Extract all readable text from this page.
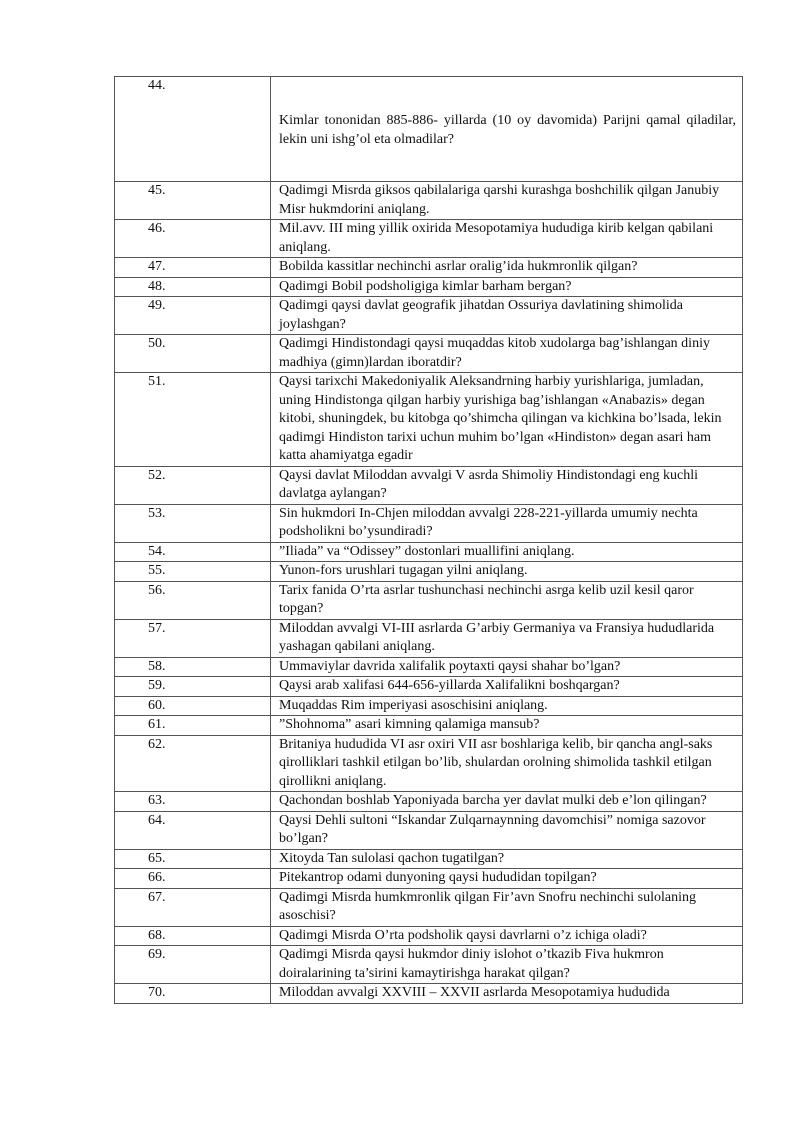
44.	Kimlar tononidan 885-886- yillarda (10 oy davomida) Parijni qamal qiladilar, lekin uni ishg’ol eta olmadilar?

45.	Qadimgi Misrda giksos qabilalariga qarshi kurashga boshchilik qilgan Janubiy Misr hukmdorini aniqlang.
46.	Mil.avv. III ming yillik oxirida Mesopotamiya hududiga kirib kelgan qabilani aniqlang.
47.	Bobilda kassitlar nechinchi asrlar oralig’ida hukmronlik qilgan?
48.	Qadimgi Bobil podsholigiga kimlar barham bergan?
49.	Qadimgi qaysi davlat geografik jihatdan Ossuriya davlatining shimolida joylashgan?
50.	Qadimgi Hindistondagi qaysi muqaddas kitob xudolarga bag’ishlangan diniy madhiya (gimn)lardan iboratdir?
51.	Qaysi tarixchi Makedoniyalik Aleksandrning harbiy yurishlariga, jumladan, uning Hindistonga qilgan harbiy yurishiga bag’ishlangan «Anabazis» degan kitobi, shuningdek, bu kitobga qo’shimcha qilingan va kichkina bo’lsada, lekin qadimgi Hindiston tarixi uchun muhim bo’lgan «Hindiston» degan asari ham katta ahamiyatga egadir
52.	Qaysi davlat Miloddan avvalgi V asrda Shimoliy Hindistondagi eng kuchli davlatga aylangan?
53.	Sin hukmdori In-Chjen miloddan avvalgi 228-221-yillarda umumiy nechta podsholikni bo’ysundiradi?
54.	”Iliada” va “Odissey” dostonlari muallifini aniqlang.
55.	Yunon-fors urushlari tugagan yilni aniqlang.
56.	Tarix fanida O’rta asrlar tushunchasi nechinchi asrga kelib uzil kesil qaror topgan?
57.	Miloddan avvalgi VI-III asrlarda G’arbiy Germaniya va Fransiya hududlarida yashagan qabilani aniqlang.
58.	Ummaviylar davrida xalifalik poytaxti qaysi shahar bo’lgan?
59.	Qaysi arab xalifasi 644-656-yillarda Xalifalikni boshqargan?
60.	Muqaddas Rim imperiyasi asoschisini aniqlang.
61.	”Shohnoma” asari kimning qalamiga mansub?
62.	Britaniya hududida VI asr oxiri VII asr boshlariga kelib, bir qancha angl-saks qirolliklari tashkil etilgan bo’lib, shulardan orolning shimolida tashkil etilgan qirollikni aniqlang.
63.	Qachondan boshlab Yaponiyada barcha yer davlat mulki deb e’lon qilingan?
64.	Qaysi Dehli sultoni “Iskandar Zulqarnaynning davomchisi” nomiga sazovor bo’lgan?
65.	Xitoyda Tan sulolasi qachon tugatilgan?
66.	Pitekantrop odami dunyoning qaysi hududidan topilgan?
67.	Qadimgi Misrda humkmronlik qilgan Fir’avn Snofru nechinchi sulolaning asoschisi?
68.	Qadimgi Misrda O’rta podsholik qaysi davrlarni o’z ichiga oladi?
69.	Qadimgi Misrda qaysi hukmdor diniy islohot o’tkazib Fiva hukmron doiralarining ta’sirini kamaytirishga harakat qilgan?
70.	Miloddan avvalgi XXVIII – XXVII asrlarda Mesopotamiya hududida
